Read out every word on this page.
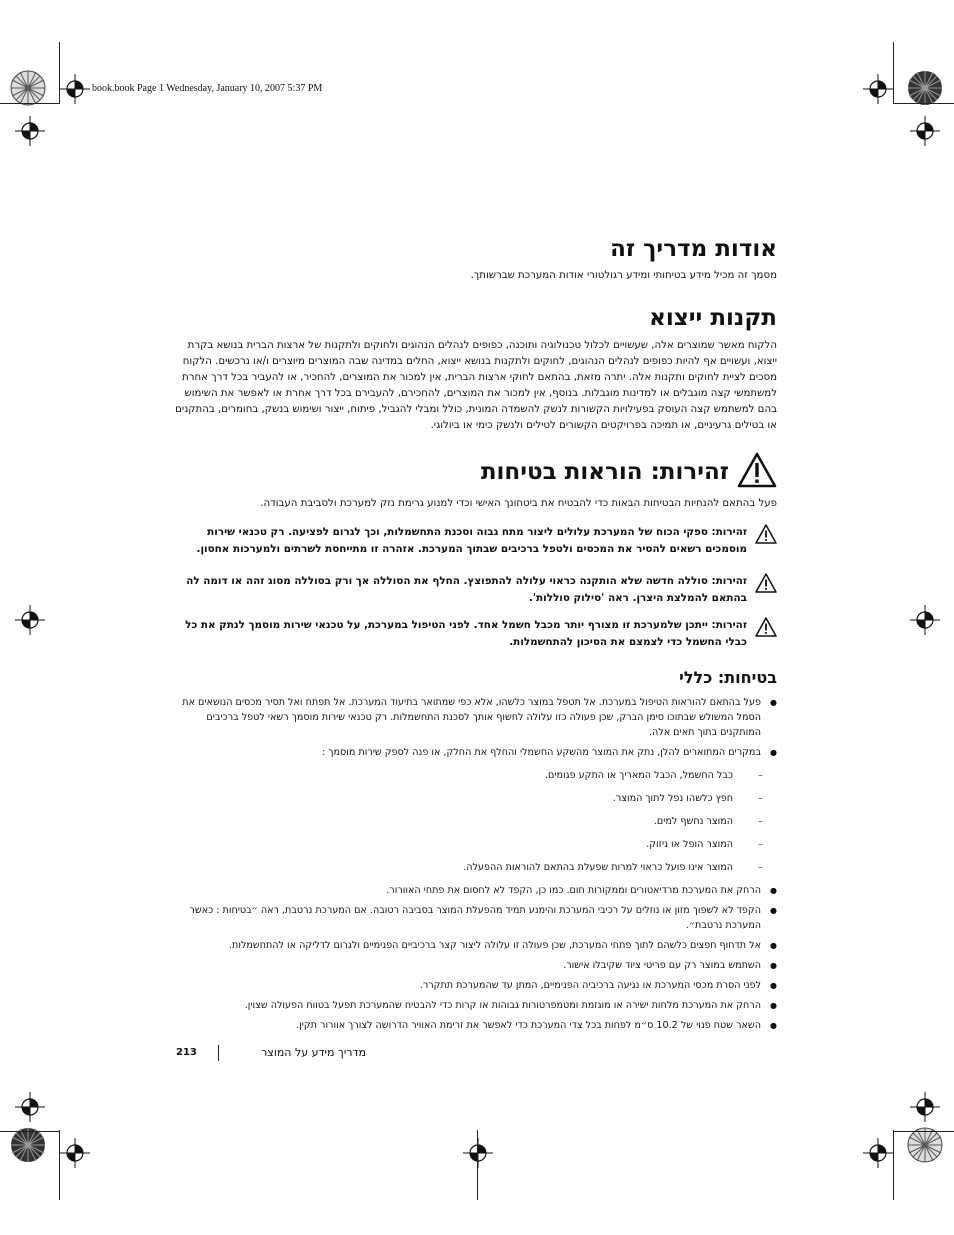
book.book Page 1 Wednesday, January 10, 2007 5:37 PM
אודות מדריך זה

מסמך זה מכיל מידע בטיחותי ומידע רגולטורי אודות המערכת שברשותך.

תקנות ייצוא

הלקוח מאשר שמוצרים אלה, שעשויים לכלול טכנולוגיה ותוכנה, כפופים לנהלים הנהוגים ולחוקים ולתקנות של ארצות הברית בנושא בקרת ייצוא, ועשויים אף להיות כפופים לנהלים הנהוגים, לחוקים ולתקנות בנושא ייצוא, החלים במדינה שבה המוצרים מיוצרים ו/או נרכשים. הלקוח מסכים לציית לחוקים ותקנות אלה. יתרה מזאת, בהתאם לחוקי ארצות הברית, אין למכור את המוצרים, להחכיר, או להעביר בכל דרך אחרת למשתמשי קצה מוגבלים או למדינות מוגבלות. בנוסף, אין למכור את המוצרים, להחכירם, להעבירם בכל דרך אחרת או לאפשר את השימוש בהם למשתמש קצה העוסק בפעילויות הקשורות לנשק להשמדה המונית, כולל ומבלי להגביל, פיתוח, ייצור ושימוש בנשק, בחומרים, בהתקנים או בטילים גרעיניים, או תמיכה בפרויקטים הקשורים לטילים ולנשק כימי או ביולוגי.

זהירות: הוראות בטיחות

פעל בהתאם להנחיות הבטיחות הבאות כדי להבטיח את ביטחונך האישי וכדי למנוע גרימת נזק למערכת ולסביבת העבודה.

זהירות: ספקי הכוח של המערכת עלולים ליצור מתח גבוה וסכנת התחשמלות, וכך לגרום לפציעה. רק טכנאי שירות מוסמכים רשאים להסיר את המכסים ולטפל ברכיבים שבתוך המערכת. אזהרה זו מתייחסת לשרתים ולמערכות אחסון.

זהירות: סוללה חדשה שלא הותקנה כראוי עלולה להתפוצץ. החלף את הסוללה אך ורק בסוללה מסוג זהה או דומה לה בהתאם להמלצת היצרן. ראה 'סילוק סוללות'.

זהירות: ייתכן שלמערכת זו מצורף יותר מכבל חשמל אחד. לפני הטיפול במערכת, על טכנאי שירות מוסמך לנתק את כל כבלי החשמל כדי לצמצם את הסיכון להתחשמלות.

בטיחות: כללי
● פעל בהתאם להוראות הטיפול במערכת. אל תטפל במוצר כלשהו, אלא כפי שמתואר בתיעוד המערכת. אל תפתח ואל תסיר מכסים הנושאים את הסמל המשולש שבתוכו סימן הברק, שכן פעולה כזו עלולה לחשוף אותך לסכנת התחשמלות. רק טכנאי שירות מוסמך רשאי לטפל ברכיבים המותקנים בתוך תאים אלה.
● במקרים המתוארים להלן, נתק את המוצר מהשקע החשמלי והחלף את החלק, או פנה לספק שירות מוסמך :
– כבל החשמל, הכבל המאריך או התקע פגומים.
– חפץ כלשהו נפל לתוך המוצר.
– המוצר נחשף למים.
– המוצר הופל או ניזוק.
– המוצר אינו פועל כראוי למרות שפעלת בהתאם להוראות ההפעלה.
● הרחק את המערכת מרדיאטורים וממקורות חום. כמו כן, הקפד לא לחסום את פתחי האוורור.
● הקפד לא לשפוך מזון או נוזלים על רכיבי המערכת והימנע תמיד מהפעלת המוצר בסביבה רטובה. אם המערכת נרטבת, ראה ״בטיחות : כאשר המערכת נרטבת״.
● אל תדחוף חפצים כלשהם לתוך פתחי המערכת, שכן פעולה זו עלולה ליצור קצר ברכיביים הפנימיים ולגרום לדליקה או להתחשמלות.
● השתמש במוצר רק עם פריטי ציוד שקיבלו אישור.
● לפני הסרת מכסי המערכת או נגיעה ברכיביה הפנימיים, המתן עד שהמערכת תתקרר.
● הרחק את המערכת מלחות ישירה או מוגזמת ומטמפרטורות גבוהות או קרות כדי להבטיח שהמערכת תפעל בטווח הפעולה שצוין.
● השאר שטח פנוי של 10.2 ס״מ לפחות בכל צדי המערכת כדי לאפשר את זרימת האוויר הדרושה לצורך אוורור תקין.
213	מדריך מידע על המוצר
